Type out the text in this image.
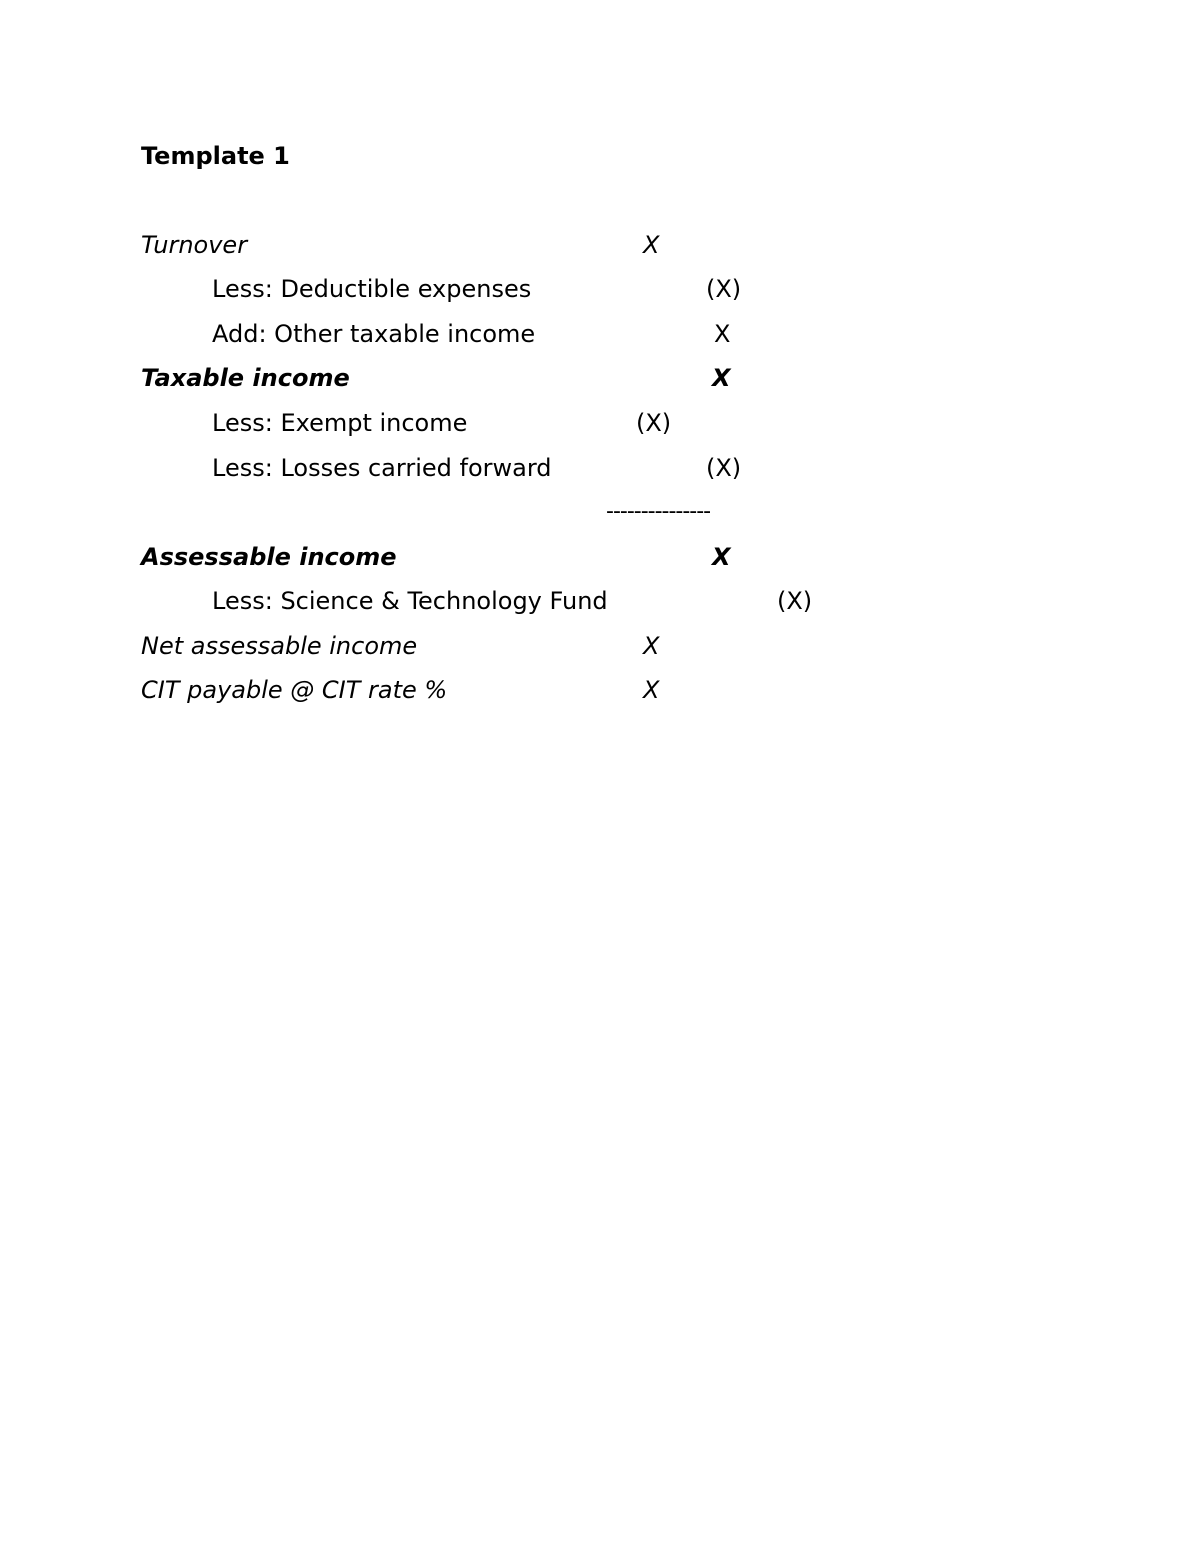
Template 1
Turnover	X
Less: Deductible expenses	(X)
Add: Other taxable income	X
Taxable income	X
Less: Exempt income	(X)
Less: Losses carried forward	(X)
---------------
Assessable income	X
Less: Science & Technology Fund	(X)
Net assessable income	X
CIT payable @ CIT rate %	X
